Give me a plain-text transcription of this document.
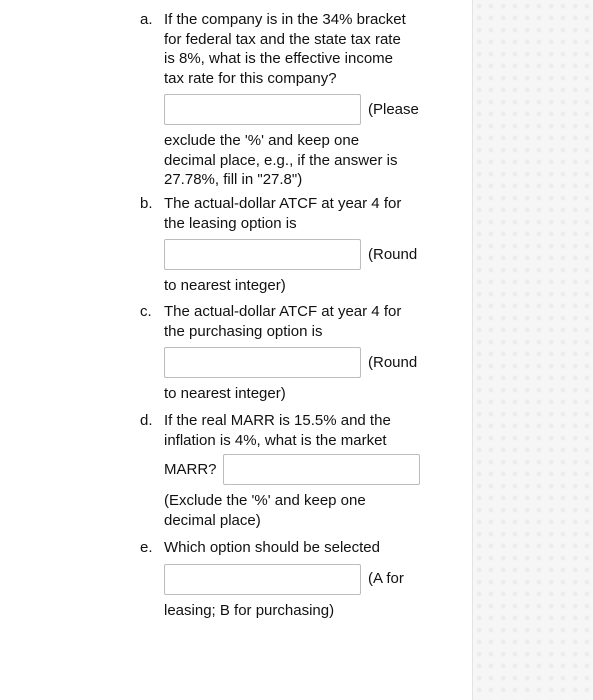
a. If the company is in the 34% bracket
for federal tax and the state tax rate
is 8%, what is the effective income
tax rate for this company?
(Please
exclude the '%' and keep one
decimal place, e.g., if the answer is
27.78%, fill in "27.8")
b. The actual-dollar ATCF at year 4 for
the leasing option is
(Round
to nearest integer)
c. The actual-dollar ATCF at year 4 for
the purchasing option is
(Round
to nearest integer)
d. If the real MARR is 15.5% and the
inflation is 4%, what is the market
MARR?
(Exclude the '%' and keep one
decimal place)
e. Which option should be selected
(A for
leasing; B for purchasing)
